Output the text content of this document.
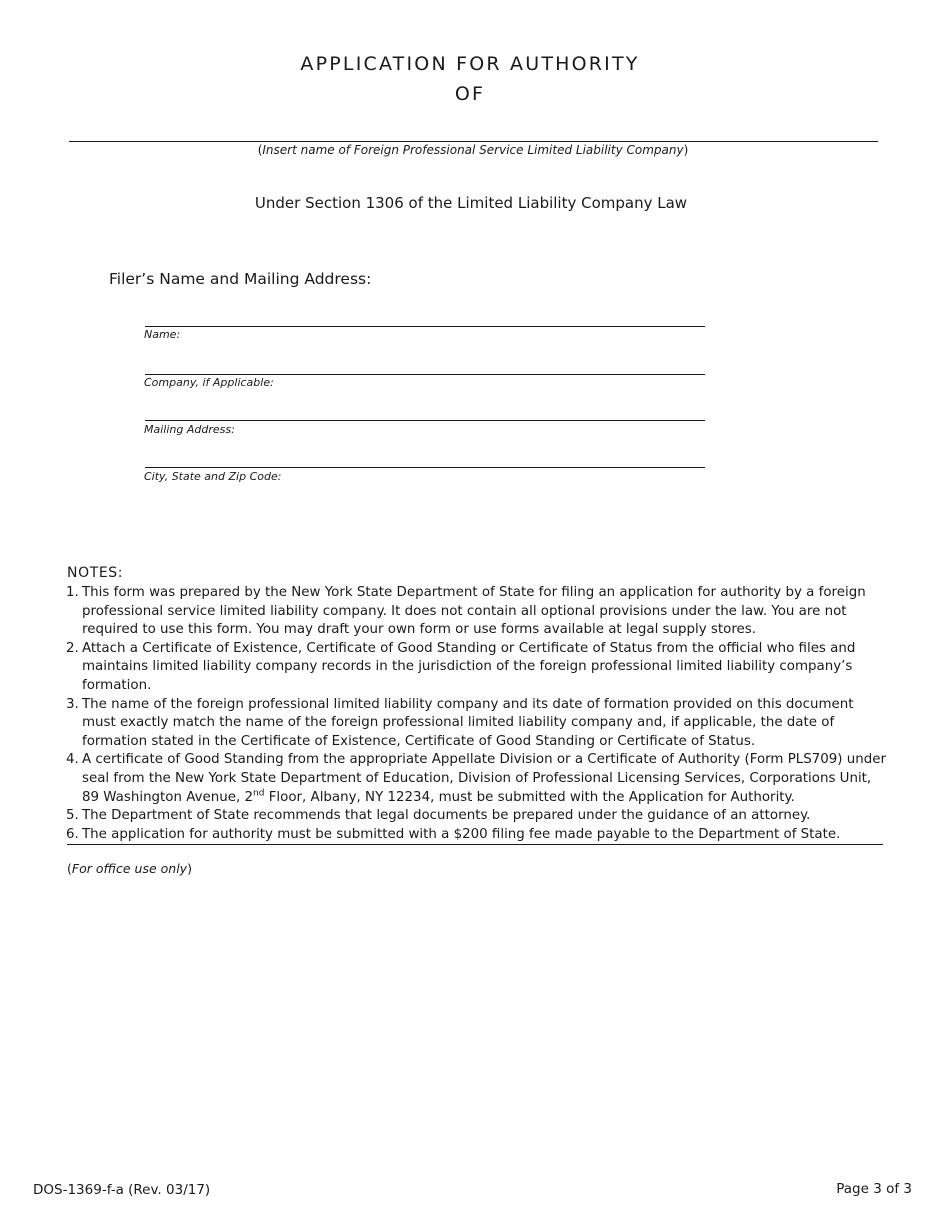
APPLICATION FOR AUTHORITY
OF
(Insert name of Foreign Professional Service Limited Liability Company)
Under Section 1306 of the Limited Liability Company Law
Filer’s Name and Mailing Address:
Name:
Company, if Applicable:
Mailing Address:
City, State and Zip Code:
NOTES:
1. This form was prepared by the New York State Department of State for filing an application for authority by a foreign professional service limited liability company. It does not contain all optional provisions under the law. You are not required to use this form. You may draft your own form or use forms available at legal supply stores.
2. Attach a Certificate of Existence, Certificate of Good Standing or Certificate of Status from the official who files and maintains limited liability company records in the jurisdiction of the foreign professional limited liability company’s formation.
3. The name of the foreign professional limited liability company and its date of formation provided on this document must exactly match the name of the foreign professional limited liability company and, if applicable, the date of formation stated in the Certificate of Existence, Certificate of Good Standing or Certificate of Status.
4. A certificate of Good Standing from the appropriate Appellate Division or a Certificate of Authority (Form PLS709) under seal from the New York State Department of Education, Division of Professional Licensing Services, Corporations Unit, 89 Washington Avenue, 2nd Floor, Albany, NY 12234, must be submitted with the Application for Authority.
5. The Department of State recommends that legal documents be prepared under the guidance of an attorney.
6. The application for authority must be submitted with a $200 filing fee made payable to the Department of State.
(For office use only)
DOS-1369-f-a (Rev. 03/17)	Page 3 of 3
